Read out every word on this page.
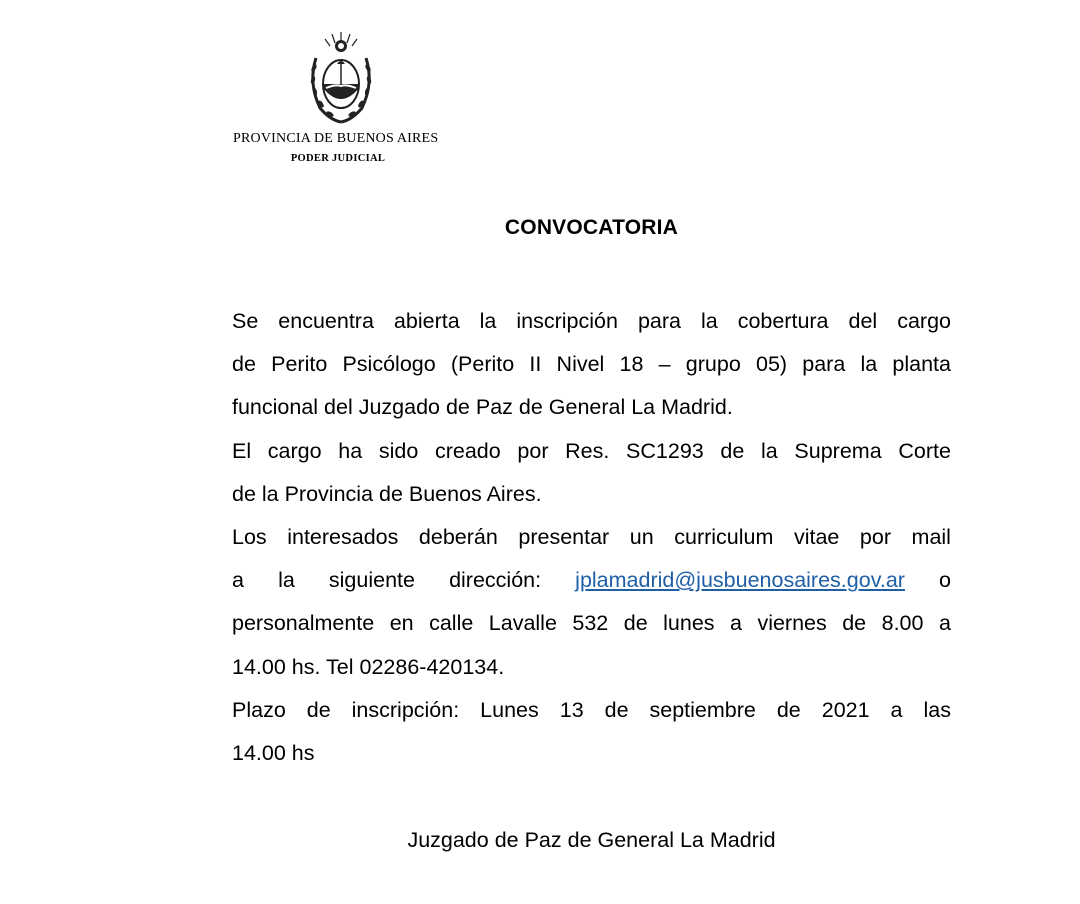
PROVINCIA DE BUENOS AIRES
PODER JUDICIAL
CONVOCATORIA
Se encuentra abierta la inscripción para la cobertura del cargo
de Perito Psicólogo (Perito II Nivel 18 – grupo 05) para la planta
funcional del Juzgado de Paz de General La Madrid.
El cargo ha sido creado por Res. SC1293 de la Suprema Corte
de la Provincia de Buenos Aires.
Los interesados deberán presentar un curriculum vitae por mail
a la siguiente dirección: jplamadrid@jusbuenosaires.gov.ar o
personalmente en calle Lavalle 532 de lunes a viernes de 8.00 a
14.00 hs. Tel 02286-420134.
Plazo de inscripción: Lunes 13 de septiembre de 2021 a las
14.00 hs
Juzgado de Paz de General La Madrid
